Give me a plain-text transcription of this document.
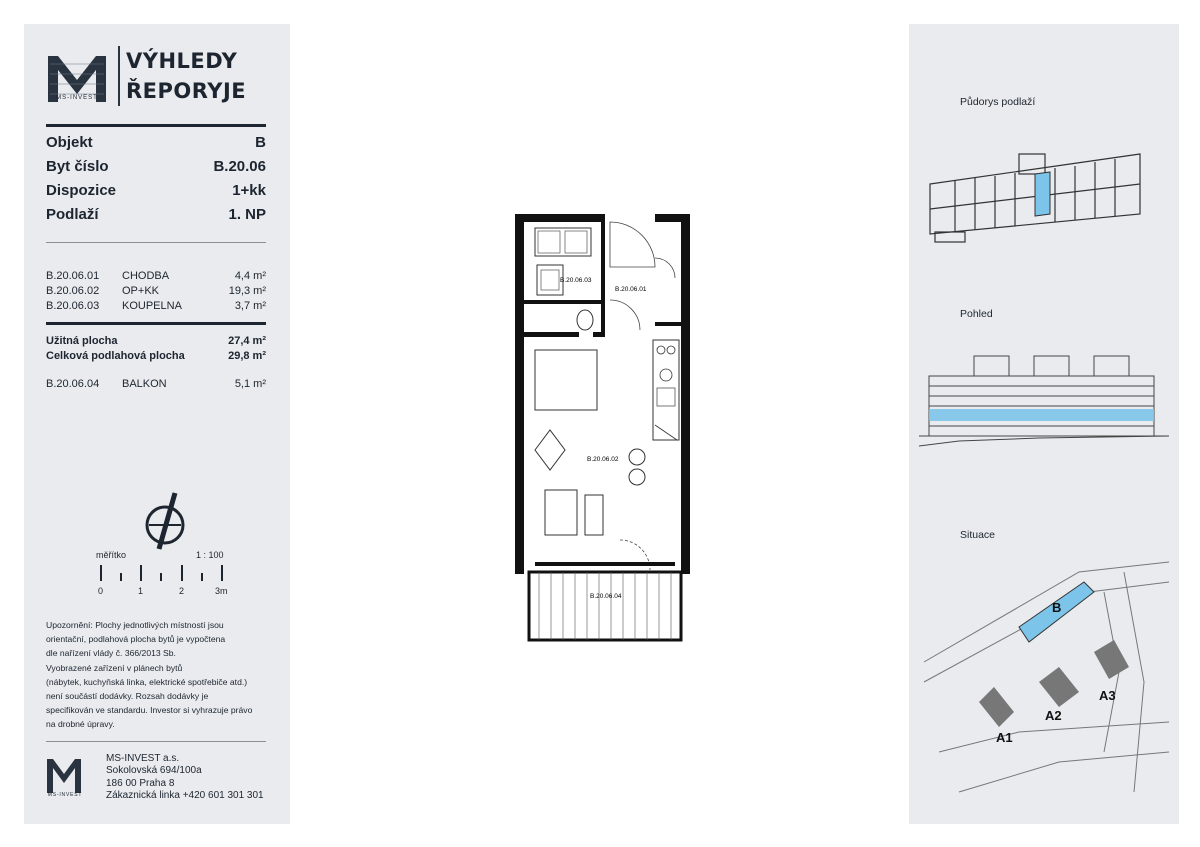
MS-INVEST
VÝHLEDY
ŘEPORYJE
Objekt	B
Byt číslo	B.20.06
Dispozice	1+kk
Podlaží	1. NP
B.20.06.01 CHODBA	4,4 m²
B.20.06.02 OP+KK	19,3 m²
B.20.06.03 KOUPELNA	3,7 m²
Užitná plocha	27,4 m²
Celková podlahová plocha	29,8 m²
B.20.06.04 BALKON	5,1 m²
měřítko	1 : 100
0	1	2	3m
Upozornění: Plochy jednotlivých místností jsou
orientační, podlahová plocha bytů je vypočtena
dle nařízení vlády č. 366/2013 Sb.
Vyobrazené zařízení v plánech bytů
(nábytek, kuchyňská linka, elektrické spotřebiče atd.)
není součástí dodávky. Rozsah dodávky je
specifikován ve standardu. Investor si vyhrazuje právo
na drobné úpravy.
MS-INVEST
MS-INVEST a.s.
Sokolovská 694/100a
186 00 Praha 8
Zákaznická linka +420 601 301 301
B.20.06.03
B.20.06.01
B.20.06.02
B.20.06.04
Půdorys podlaží
Pohled
Situace
B
A1
A2
A3
